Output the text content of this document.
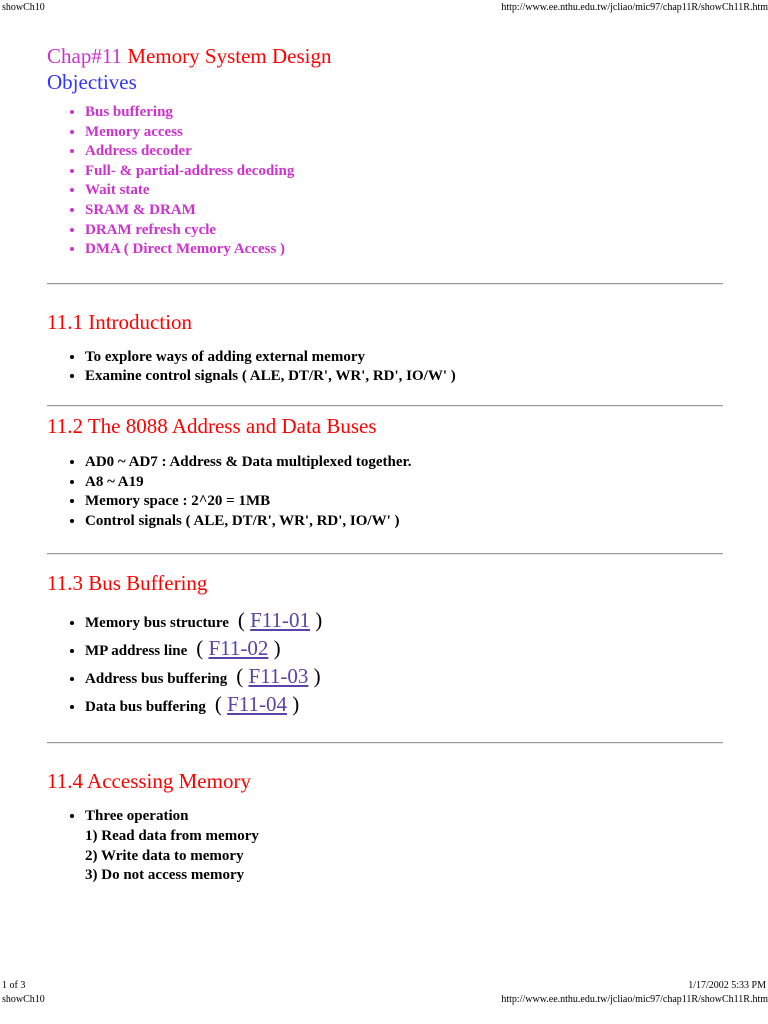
showCh10	http://www.ee.nthu.edu.tw/jcliao/mic97/chap11R/showCh11R.htm
Chap#11 Memory System Design
Objectives
• Bus buffering
• Memory access
• Address decoder
• Full- & partial-address decoding
• Wait state
• SRAM & DRAM
• DRAM refresh cycle
• DMA ( Direct Memory Access )
11.1 Introduction
• To explore ways of adding external memory
• Examine control signals ( ALE, DT/R', WR', RD', IO/W' )
11.2 The 8088 Address and Data Buses
• AD0 ~ AD7 : Address & Data multiplexed together.
• A8 ~ A19
• Memory space : 2^20 = 1MB
• Control signals ( ALE, DT/R', WR', RD', IO/W' )
11.3 Bus Buffering
• Memory bus structure  ( F11-01 )
• MP address line  ( F11-02 )
• Address bus buffering  ( F11-03 )
• Data bus buffering  ( F11-04 )
11.4 Accessing Memory
• Three operation
1) Read data from memory
2) Write data to memory
3) Do not access memory
1 of 3
showCh10
1/17/2002 5:33 PM
http://www.ee.nthu.edu.tw/jcliao/mic97/chap11R/showCh11R.htm
